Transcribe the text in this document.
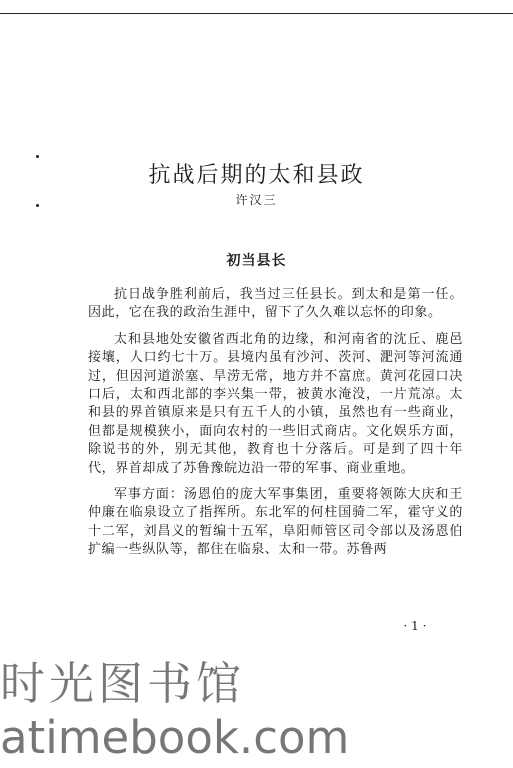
抗战后期的太和县政
许汉三
初当县长

抗日战争胜利前后，我当过三任县长。到太和是第一任。因此，它在我的政治生涯中，留下了久久难以忘怀的印象。

太和县地处安徽省西北角的边缘，和河南省的沈丘、鹿邑接壤，人口约七十万。县境内虽有沙河、茨河、淝河等河流通过，但因河道淤塞、旱涝无常，地方并不富庶。黄河花园口决口后，太和西北部的李兴集一带，被黄水淹没，一片荒凉。太和县的界首镇原来是只有五千人的小镇，虽然也有一些商业，但都是规模狭小，面向农村的一些旧式商店。文化娱乐方面，除说书的外，别无其他，教育也十分落后。可是到了四十年代，界首却成了苏鲁豫皖边沿一带的军事、商业重地。

军事方面：汤恩伯的庞大军事集团，重要将领陈大庆和王仲廉在临泉设立了指挥所。东北军的何柱国骑二军，霍守义的十二军，刘昌义的暂编十五军，阜阳师管区司令部以及汤恩伯扩编一些纵队等，都住在临泉、太和一带。苏鲁两

· 1 ·
时光图书馆
atimebook.com
